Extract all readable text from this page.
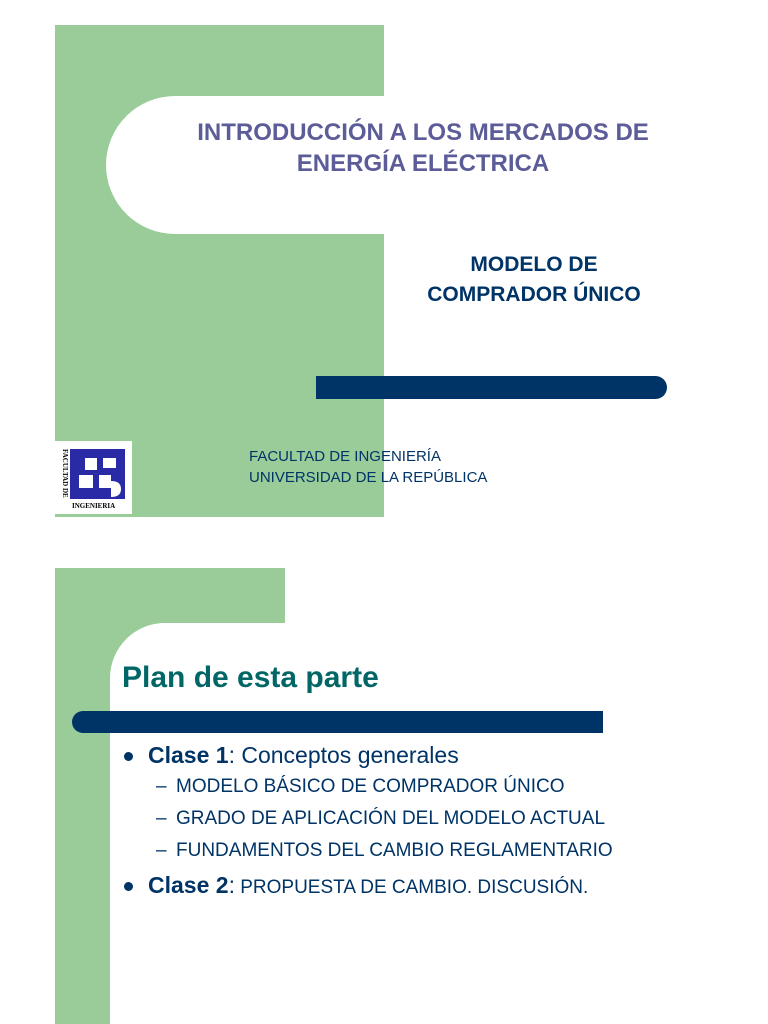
INTRODUCCIÓN A LOS MERCADOS DE
ENERGÍA ELÉCTRICA
MODELO DE
COMPRADOR ÚNICO
FACULTAD DE
INGENIERIA
FACULTAD DE INGENIERÍA
UNIVERSIDAD DE LA REPÚBLICA
Plan de esta parte
Clase 1: Conceptos generales
– MODELO BÁSICO DE COMPRADOR ÚNICO
– GRADO DE APLICACIÓN DEL MODELO ACTUAL
– FUNDAMENTOS DEL CAMBIO REGLAMENTARIO
Clase 2: PROPUESTA DE CAMBIO. DISCUSIÓN.
